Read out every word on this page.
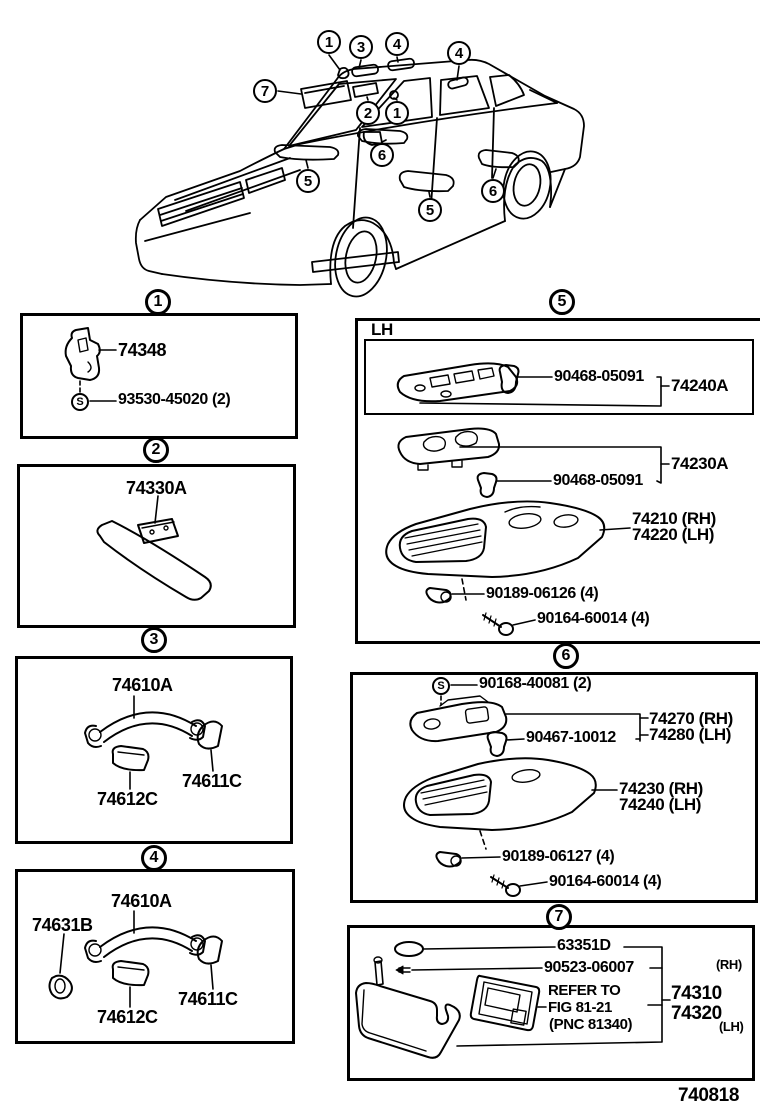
1	3	4
4
7
2	1
6
5
5
6
1
2
3
4
5
6
7
S
S
74348
93530-45020 (2)
74330A
74610A
74611C
74612C
74610A
74631B
74611C
74612C
LH
90468-05091 74240A
74230A
90468-05091
74210 (RH)
74220 (LH)
90189-06126 (4)
90164-60014 (4)
90168-40081 (2)
74270 (RH)
74280 (LH)
90467-10012
74230 (RH)
74240 (LH)
90189-06127 (4)
90164-60014 (4)
63351D
90523-06007	(RH)
REFER TO
FIG 81-21
(PNC 81340)
74310
74320
(LH)
740818
